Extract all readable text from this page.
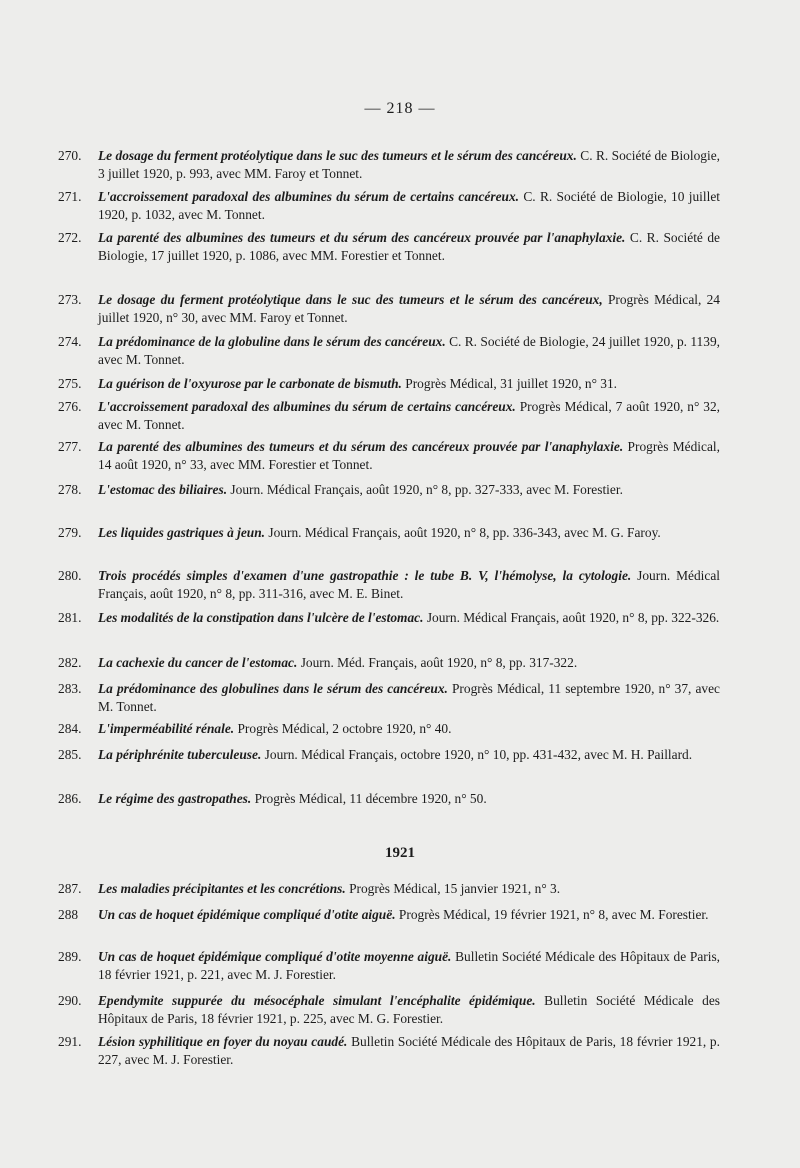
— 218 —
270.	Le dosage du ferment protéolytique dans le suc des tumeurs et le sérum des cancéreux. C. R. Société de Biologie, 3 juillet 1920, p. 993, avec MM. Faroy et Tonnet.
271.	L'accroissement paradoxal des albumines du sérum de certains cancéreux. C. R. Société de Biologie, 10 juillet 1920, p. 1032, avec M. Tonnet.
272.	La parenté des albumines des tumeurs et du sérum des cancéreux prouvée par l'anaphylaxie. C. R. Société de Biologie, 17 juillet 1920, p. 1086, avec MM. Forestier et Tonnet.
273.	Le dosage du ferment protéolytique dans le suc des tumeurs et le sérum des cancéreux, Progrès Médical, 24 juillet 1920, n° 30, avec MM. Faroy et Tonnet.
274.	La prédominance de la globuline dans le sérum des cancéreux. C. R. Société de Biologie, 24 juillet 1920, p. 1139, avec M. Tonnet.
275.	La guérison de l'oxyurose par le carbonate de bismuth. Progrès Médical, 31 juillet 1920, n° 31.
276.	L'accroissement paradoxal des albumines du sérum de certains cancéreux. Progrès Médical, 7 août 1920, n° 32, avec M. Tonnet.
277.	La parenté des albumines des tumeurs et du sérum des cancéreux prouvée par l'anaphylaxie. Progrès Médical, 14 août 1920, n° 33, avec MM. Forestier et Tonnet.
278.	L'estomac des biliaires. Journ. Médical Français, août 1920, n° 8, pp. 327-333, avec M. Forestier.
279.	Les liquides gastriques à jeun. Journ. Médical Français, août 1920, n° 8, pp. 336-343, avec M. G. Faroy.
280.	Trois procédés simples d'examen d'une gastropathie : le tube B. V, l'hémolyse, la cytologie. Journ. Médical Français, août 1920, n° 8, pp. 311-316, avec M. E. Binet.
281.	Les modalités de la constipation dans l'ulcère de l'estomac. Journ. Médical Français, août 1920, n° 8, pp. 322-326.
282.	La cachexie du cancer de l'estomac. Journ. Méd. Français, août 1920, n° 8, pp. 317-322.
283.	La prédominance des globulines dans le sérum des cancéreux. Progrès Médical, 11 septembre 1920, n° 37, avec M. Tonnet.
284.	L'imperméabilité rénale. Progrès Médical, 2 octobre 1920, n° 40.
285.	La périphrénite tuberculeuse. Journ. Médical Français, octobre 1920, n° 10, pp. 431-432, avec M. H. Paillard.
286.	Le régime des gastropathes. Progrès Médical, 11 décembre 1920, n° 50.
1921
287.	Les maladies précipitantes et les concrétions. Progrès Médical, 15 janvier 1921, n° 3.
288	Un cas de hoquet épidémique compliqué d'otite aiguë. Progrès Médical, 19 février 1921, n° 8, avec M. Forestier.
289.	Un cas de hoquet épidémique compliqué d'otite moyenne aiguë. Bulletin Société Médicale des Hôpitaux de Paris, 18 février 1921, p. 221, avec M. J. Forestier.
290.	Ependymite suppurée du mésocéphale simulant l'encéphalite épidémique. Bulletin Société Médicale des Hôpitaux de Paris, 18 février 1921, p. 225, avec M. G. Forestier.
291.	Lésion syphilitique en foyer du noyau caudé. Bulletin Société Médicale des Hôpitaux de Paris, 18 février 1921, p. 227, avec M. J. Forestier.
